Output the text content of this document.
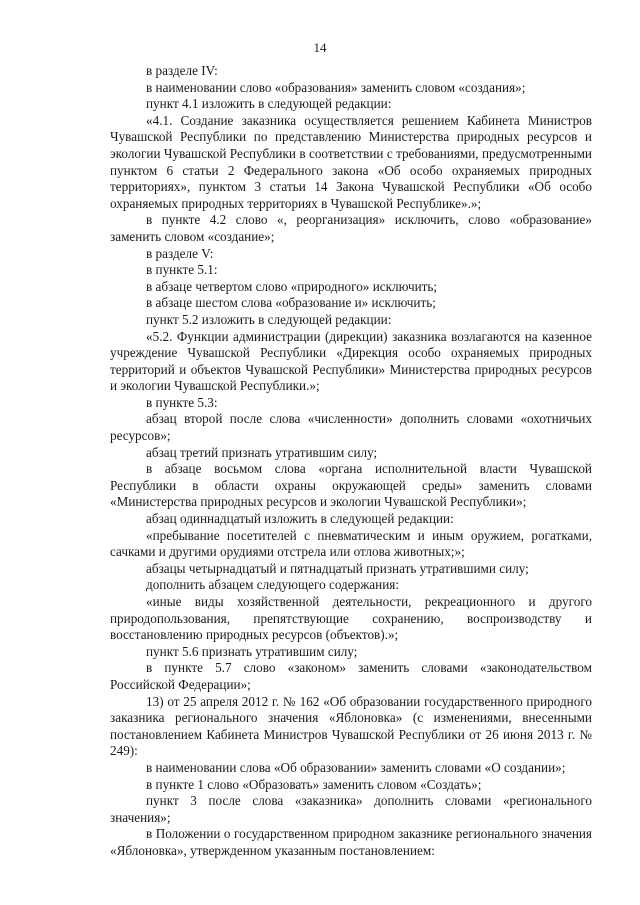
14

в разделе IV:

в наименовании слово «образования» заменить словом «создания»;

пункт 4.1 изложить в следующей редакции:

«4.1. Создание заказника осуществляется решением Кабинета Министров Чувашской Республики по представлению Министерства природных ресурсов и экологии Чувашской Республики в соответствии с требованиями, предусмотренными пунктом 6 статьи 2 Федерального закона «Об особо охраняемых природных территориях», пунктом 3 статьи 14 Закона Чувашской Республики «Об особо охраняемых природных территориях в Чувашской Республике».»;

в пункте 4.2 слово «, реорганизация» исключить, слово «образование» заменить словом «создание»;

в разделе V:

в пункте 5.1:

в абзаце четвертом слово «природного» исключить;

в абзаце шестом слова «образование и» исключить;

пункт 5.2 изложить в следующей редакции:

«5.2. Функции администрации (дирекции) заказника возлагаются на казенное учреждение Чувашской Республики «Дирекция особо охраняемых природных территорий и объектов Чувашской Республики» Министерства природных ресурсов и экологии Чувашской Республики.»;

в пункте 5.3:

абзац второй после слова «численности» дополнить словами «охотничьих ресурсов»;

абзац третий признать утратившим силу;

в абзаце восьмом слова «органа исполнительной власти Чувашской Республики в области охраны окружающей среды» заменить словами «Министерства природных ресурсов и экологии Чувашской Республики»;

абзац одиннадцатый изложить в следующей редакции:

«пребывание посетителей с пневматическим и иным оружием, рогатками, сачками и другими орудиями отстрела или отлова животных;»;

абзацы четырнадцатый и пятнадцатый признать утратившими силу;

дополнить абзацем следующего содержания:

«иные виды хозяйственной деятельности, рекреационного и другого природопользования, препятствующие сохранению, воспроизводству и восстановлению природных ресурсов (объектов).»;

пункт 5.6 признать утратившим силу;

в пункте 5.7 слово «законом» заменить словами «законодательством Российской Федерации»;

13) от 25 апреля 2012 г. № 162 «Об образовании государственного природного заказника регионального значения «Яблоновка» (с изменениями, внесенными постановлением Кабинета Министров Чувашской Республики от 26 июня 2013 г. № 249):

в наименовании слова «Об образовании» заменить словами «О создании»;

в пункте 1 слово «Образовать» заменить словом «Создать»;

пункт 3 после слова «заказника» дополнить словами «регионального значения»;

в Положении о государственном природном заказнике регионального значения «Яблоновка», утвержденном указанным постановлением:
